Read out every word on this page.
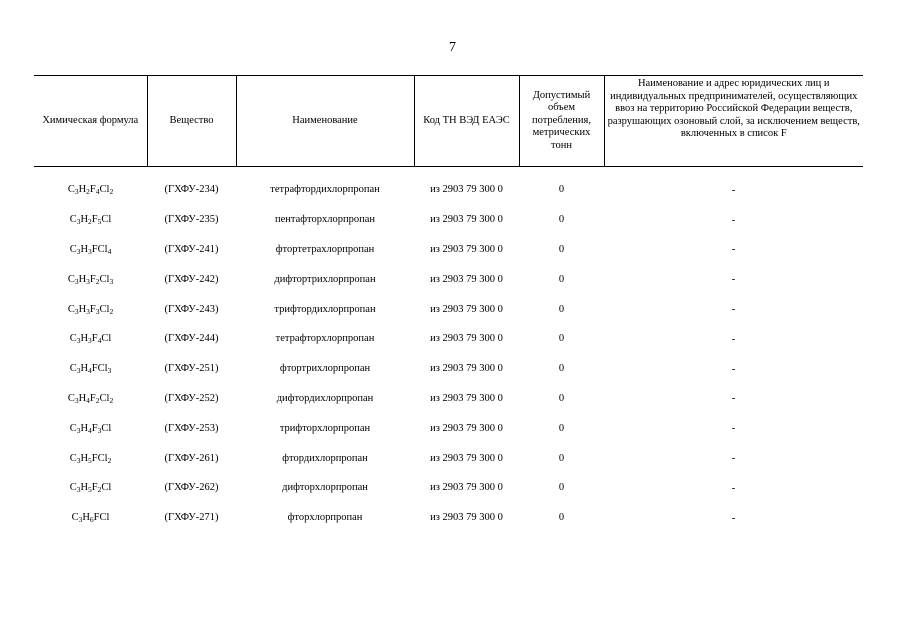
7
Химическая формула	Вещество	Наименование	Код ТН ВЭД ЕАЭС	Допустимый объем потребления, метрических тонн	Наименование и адрес юридических лиц и индивидуальных предпринимателей, осуществляющих ввоз на территорию Российской Федерации веществ, разрушающих озоновый слой, за исключением веществ, включенных в список F
$C_3H_2F_4Cl_2$	(ГХФУ-234)	тетрафтордихлорпропан	из 2903 79 300 0	0	-
$C_3H_2F_5Cl$	(ГХФУ-235)	пентафторхлорпропан	из 2903 79 300 0	0	-
$C_3H_3FCl_4$	(ГХФУ-241)	фтортетрахлорпропан	из 2903 79 300 0	0	-
$C_3H_3F_2Cl_3$	(ГХФУ-242)	дифтортрихлорпропан	из 2903 79 300 0	0	-
$C_3H_3F_3Cl_2$	(ГХФУ-243)	трифтордихлорпропан	из 2903 79 300 0	0	-
$C_3H_3F_4Cl$	(ГХФУ-244)	тетрафторхлорпропан	из 2903 79 300 0	0	-
$C_3H_4FCl_3$	(ГХФУ-251)	фтортрихлорпропан	из 2903 79 300 0	0	-
$C_3H_4F_2Cl_2$	(ГХФУ-252)	дифтордихлорпропан	из 2903 79 300 0	0	-
$C_3H_4F_3Cl$	(ГХФУ-253)	трифторхлорпропан	из 2903 79 300 0	0	-
$C_3H_5FCl_2$	(ГХФУ-261)	фтордихлорпропан	из 2903 79 300 0	0	-
$C_3H_5F_2Cl$	(ГХФУ-262)	дифторхлорпропан	из 2903 79 300 0	0	-
$C_3H_6FCl$	(ГХФУ-271)	фторхлорпропан	из 2903 79 300 0	0	-
